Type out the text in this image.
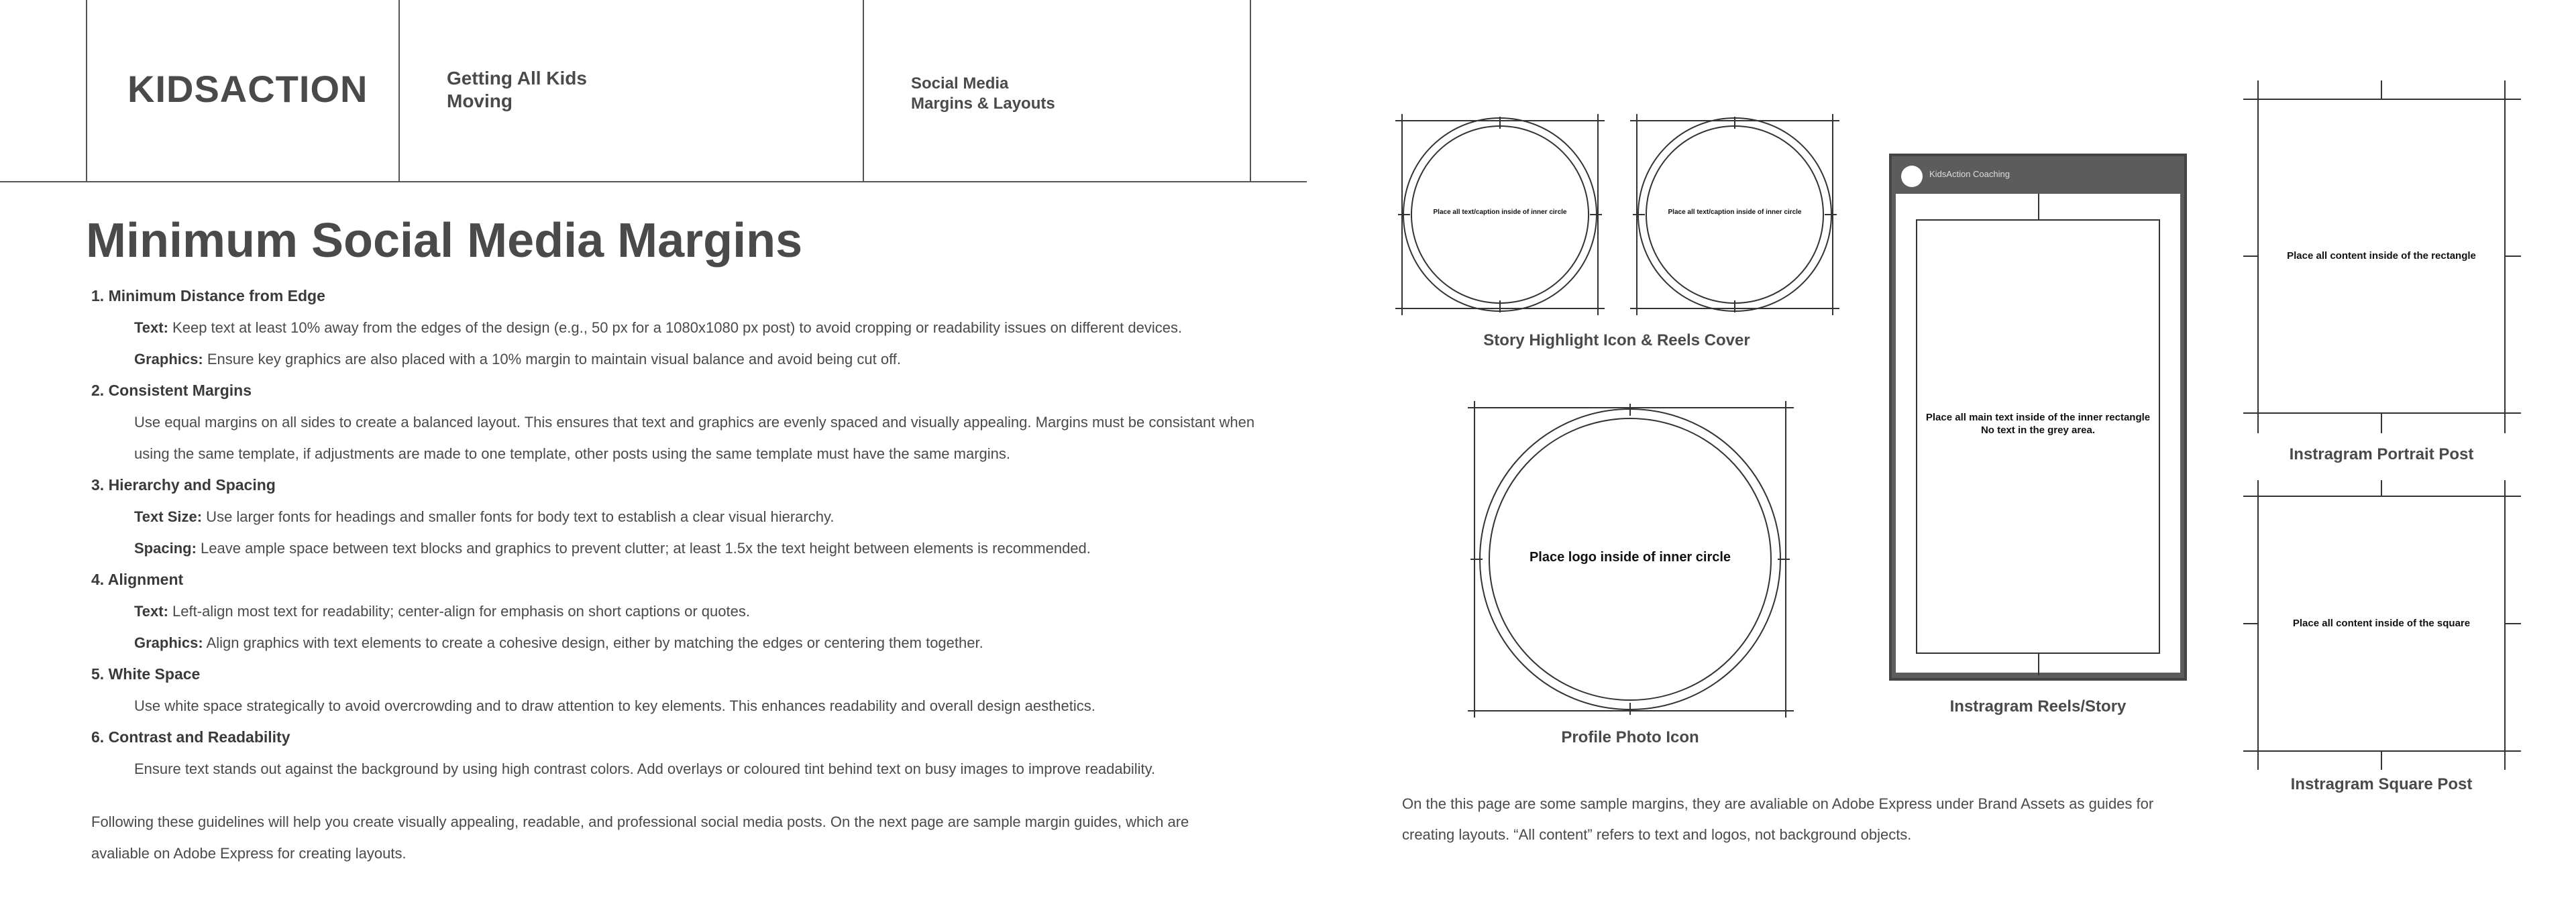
KIDSACTION	Getting All Kids
Moving
Social Media
Margins & Layouts
Minimum Social Media Margins
1. Minimum Distance from Edge
Text: Keep text at least 10% away from the edges of the design (e.g., 50 px for a 1080x1080 px post) to avoid cropping or readability issues on different devices.
Graphics: Ensure key graphics are also placed with a 10% margin to maintain visual balance and avoid being cut off.
2. Consistent Margins
Use equal margins on all sides to create a balanced layout. This ensures that text and graphics are evenly spaced and visually appealing. Margins must be consistant when using the same template, if adjustments are made to one template, other posts using the same template must have the same margins.
3. Hierarchy and Spacing
Text Size: Use larger fonts for headings and smaller fonts for body text to establish a clear visual hierarchy.
Spacing: Leave ample space between text blocks and graphics to prevent clutter; at least 1.5x the text height between elements is recommended.
4. Alignment
Text: Left-align most text for readability; center-align for emphasis on short captions or quotes.
Graphics: Align graphics with text elements to create a cohesive design, either by matching the edges or centering them together.
5. White Space
Use white space strategically to avoid overcrowding and to draw attention to key elements. This enhances readability and overall design aesthetics.
6. Contrast and Readability
Ensure text stands out against the background by using high contrast colors. Add overlays or coloured tint behind text on busy images to improve readability.
Following these guidelines will help you create visually appealing, readable, and professional social media posts. On the next page are sample margin guides, which are avaliable on Adobe Express for creating layouts.
Place all text/caption inside of inner circle	Place all text/caption inside of inner circle
Story Highlight Icon & Reels Cover
Place logo inside of inner circle
Profile Photo Icon
KidsAction Coaching
Place all main text inside of the inner rectangle
No text in the grey area.
Instragram Reels/Story
Place all content inside of the rectangle
Instragram Portrait Post
Place all content inside of the square
Instragram Square Post
On the this page are some sample margins, they are avaliable on Adobe Express under Brand Assets as guides for creating layouts. “All content” refers to text and logos, not background objects.
